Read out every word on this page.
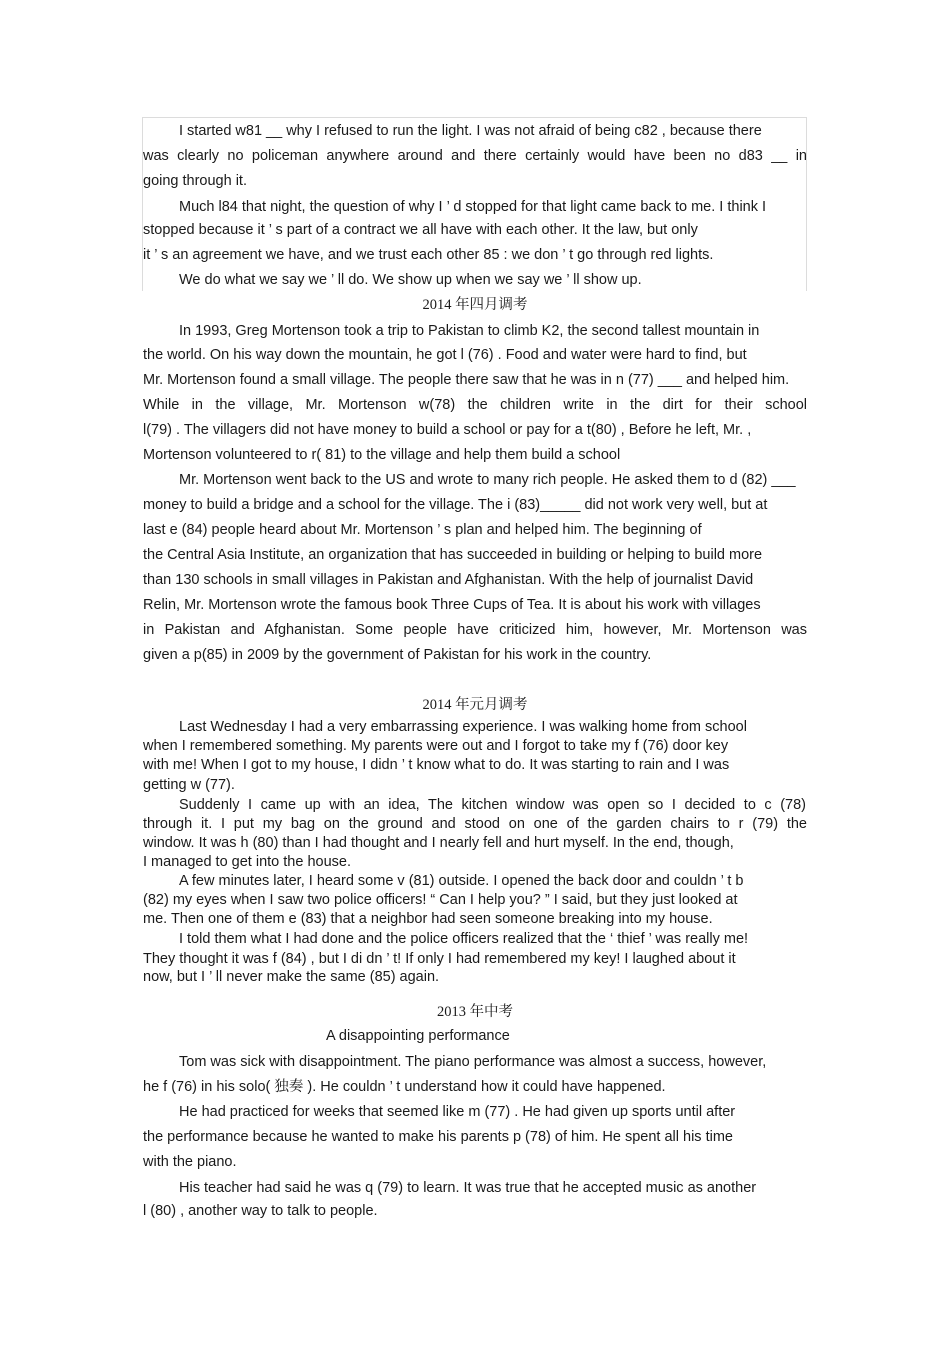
I started w81 __ why I refused to run the light. I was not afraid of being c82 , because there
was clearly no policeman anywhere around and there certainly would have been no d83 __ in
going through it.
Much l84 that night, the question of why I ’ d stopped for that light came back to me. I think I
stopped because it ’ s part of a contract we all have with each other. It the law, but only
it ’ s an agreement we have, and we trust each other 85 : we don ’ t go through red lights.
We do what we say we ’ ll do. We show up when we say we ’ ll show up.
2014 年四月调考
In 1993, Greg Mortenson took a trip to Pakistan to climb K2, the second tallest mountain in
the world. On his way down the mountain, he got l (76) . Food and water were hard to find, but
Mr. Mortenson found a small village. The people there saw that he was in n (77) ___ and helped him.
While in the village, Mr. Mortenson w(78) the children write in the dirt for their school
l(79) . The villagers did not have money to build a school or pay for a t(80) , Before he left, Mr. ,
Mortenson volunteered to r( 81) to the village and help them build a school
Mr. Mortenson went back to the US and wrote to many rich people. He asked them to d (82) ___
money to build a bridge and a school for the village. The i (83)_____ did not work very well, but at
last e (84) people heard about Mr. Mortenson ’ s plan and helped him. The beginning of
the Central Asia Institute, an organization that has succeeded in building or helping to build more
than 130 schools in small villages in Pakistan and Afghanistan. With the help of journalist David
Relin, Mr. Mortenson wrote the famous book Three Cups of Tea. It is about his work with villages
in Pakistan and Afghanistan. Some people have criticized him, however, Mr. Mortenson was
given a p(85) in 2009 by the government of Pakistan for his work in the country.
2014 年元月调考
Last Wednesday I had a very embarrassing experience. I was walking home from school
when I remembered something. My parents were out and I forgot to take my f (76) door key
with me! When I got to my house, I didn ’ t know what to do. It was starting to rain and I was
getting w (77).
Suddenly I came up with an idea, The kitchen window was open so I decided to c (78)
through it. I put my bag on the ground and stood on one of the garden chairs to r (79) the
window. It was h (80) than I had thought and I nearly fell and hurt myself. In the end, though,
I managed to get into the house.
A few minutes later, I heard some v (81) outside. I opened the back door and couldn ’ t b
(82) my eyes when I saw two police officers! “ Can I help you? ” I said, but they just looked at
me. Then one of them e (83) that a neighbor had seen someone breaking into my house.
I told them what I had done and the police officers realized that the ‘ thief ’ was really me!
They thought it was f (84) , but I di dn ’ t! If only I had remembered my key! I laughed about it
now, but I ’ ll never make the same (85) again.
2013 年中考
A disappointing performance
Tom was sick with disappointment. The piano performance was almost a success, however,
he f (76) in his solo( 独奏 ). He couldn ’ t understand how it could have happened.
He had practiced for weeks that seemed like m (77) . He had given up sports until after
the performance because he wanted to make his parents p (78) of him. He spent all his time
with the piano.
His teacher had said he was q (79) to learn. It was true that he accepted music as another
l (80) , another way to talk to people.
